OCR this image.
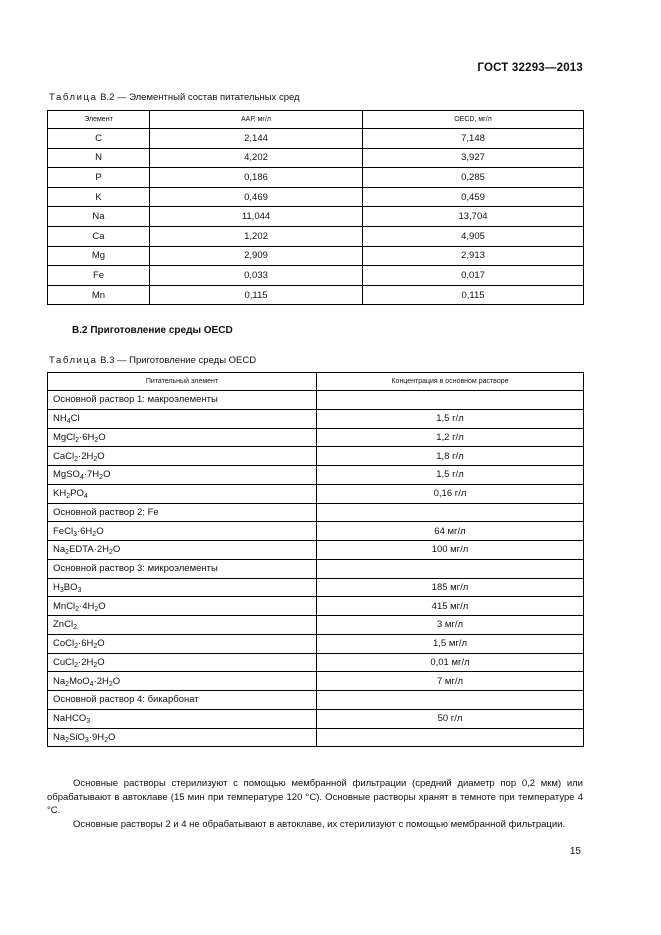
ГОСТ 32293—2013
Таблица В.2 — Элементный состав питательных сред
Элемент	ААР, мг/л	OECD, мг/л
C	2,144	7,148
N	4,202	3,927
P	0,186	0,285
K	0,469	0,459
Na	11,044	13,704
Ca	1,202	4,905
Mg	2,909	2,913
Fe	0,033	0,017
Mn	0,115	0,115
В.2 Приготовление среды OECD
Таблица В.3 — Приготовление среды OECD
Питательный элемент	Концентрация в основном растворе
Основной раствор 1: макроэлементы	
$NH_4Cl$	1,5 г/л
$MgCl_2\cdot 6H_2O$	1,2 г/л
$CaCl_2\cdot 2H_2O$	1,8 г/л
$MgSO_4\cdot 7H_2O$	1,5 г/л
$KH_2PO_4$	0,16 г/л
Основной раствор 2: Fe	
$FeCl_3\cdot 6H_2O$	64 мг/л
$Na_2EDTA\cdot 2H_2O$	100 мг/л
Основной раствор 3: микроэлементы	
$H_3BO_3$	185 мг/л
$MnCl_2\cdot 4H_2O$	415 мг/л
ZnCl$_2$	3 мг/л
$CoCl_2\cdot 6H_2O$	1,5 мг/л
$CuCl_2\cdot 2H_2O$	0,01 мг/л
$Na_2MoO_4\cdot 2H_2O$	7 мг/л
Основной раствор 4: бикарбонат	
NaHCO$_3$	50 г/л
$Na_2SiO_3\cdot 9H_2O$	

Основные растворы стерилизуют с помощью мембранной фильтрации (средний диаметр пор 0,2 мкм) или обрабатывают в автоклаве (15 мин при температуре 120 °С). Основные растворы хранят в темноте при температуре 4 °С.

Основные растворы 2 и 4 не обрабатывают в автоклаве, их стерилизуют с помощью мембранной фильтрации.

15
